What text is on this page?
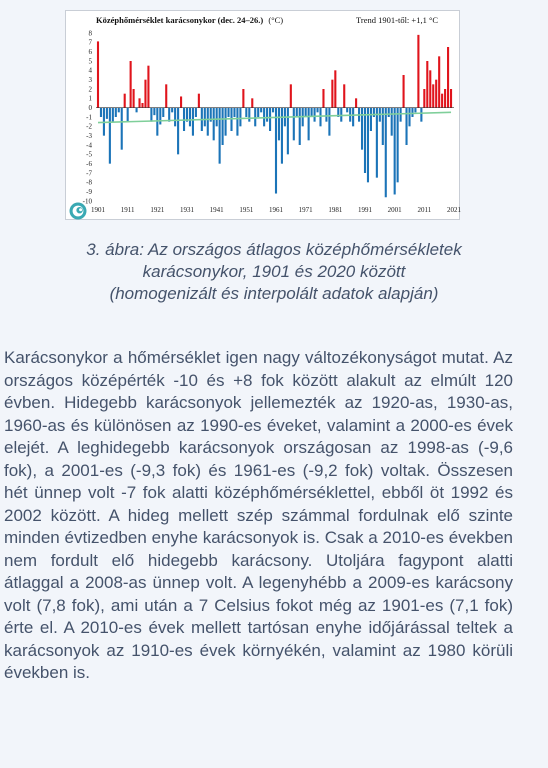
Középhőmérséklet karácsonykor (dec. 24–26.) (°C)	Trend 1901-től: +1,1 °C
8
7
6
5
4
3
2
1
0
-1
-2
-3
-4
-5
-6
-7
-8
-9
-10
1901 1911 1921 1931 1941 1951 1961 1971 1981 1991 2001 2011 2021

3. ábra: Az országos átlagos középhőmérsékletek
karácsonykor, 1901 és 2020 között
(homogenizált és interpolált adatok alapján)

Karácsonykor a hőmérséklet igen nagy változékonyságot mutat. Az országos középérték -10 és +8 fok között alakult az elmúlt 120 évben. Hidegebb karácsonyok jellemezték az 1920-as, 1930-as, 1960-as és különösen az 1990-es éveket, valamint a 2000-es évek elejét. A leghidegebb karácsonyok országosan az 1998-as (-9,6 fok), a 2001-es (-9,3 fok) és 1961-es (-9,2 fok) voltak. Összesen hét ünnep volt -7 fok alatti középhőmérséklettel, ebből öt 1992 és 2002 között. A hideg mellett szép számmal fordulnak elő szinte minden évtizedben enyhe karácsonyok is. Csak a 2010-es években nem fordult elő hidegebb karácsony. Utoljára fagypont alatti átlaggal a 2008-as ünnep volt. A legenyhébb a 2009-es karácsony volt (7,8 fok), ami után a 7 Celsius fokot még az 1901-es (7,1 fok) érte el. A 2010-es évek mellett tartósan enyhe időjárással teltek a karácsonyok az 1910-es évek környékén, valamint az 1980 körüli években is.
